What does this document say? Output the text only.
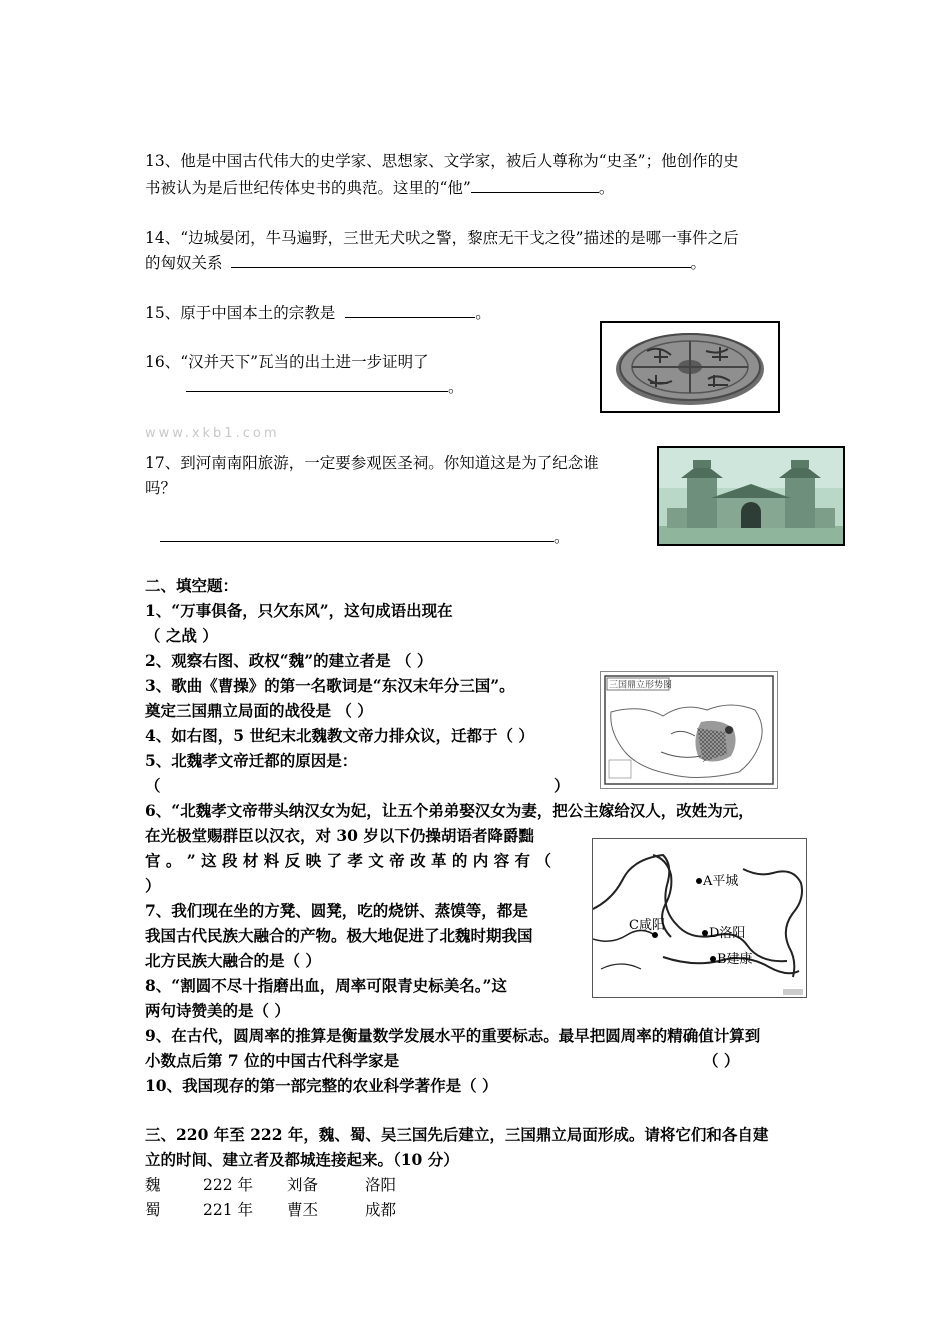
13、他是中国古代伟大的史学家、思想家、文学家，被后人尊称为“史圣”；他创作的史
书被认为是后世纪传体史书的典范。这里的“他”	。
14、“边城晏闭，牛马遍野，三世无犬吠之警，黎庶无干戈之役”描述的是哪一事件之后
的匈奴关系	。
15、原于中国本土的宗教是	。
16、“汉并天下”瓦当的出土进一步证明了
。
www.xkb1.com
17、到河南南阳旅游，一定要参观医圣祠。你知道这是为了纪念谁
吗？
。
二、填空题：
1、“万事俱备，只欠东风”，这句成语出现在
（ 之战 ）
2、观察右图、政权“魏”的建立者是 （ ）
3、歌曲《曹操》的第一名歌词是“东汉末年分三国”。
奠定三国鼎立局面的战役是 （ ）
4、如右图，5 世纪末北魏教文帝力排众议，迁都于（ ）
5、北魏孝文帝迁都的原因是：
（	）
三国鼎立形势图
6、“北魏孝文帝带头纳汉女为妃，让五个弟弟娶汉女为妻，把公主嫁给汉人，改姓为元，
在光极堂赐群臣以汉衣，对 30 岁以下仍操胡语者降爵黜
官 。 ” 这 段 材 料 反 映 了 孝 文 帝 改 革 的 内 容 有 （
）
7、我们现在坐的方凳、圆凳，吃的烧饼、蒸馍等，都是
我国古代民族大融合的产物。极大地促进了北魏时期我国
北方民族大融合的是（ ）
8、“割圆不尽十指磨出血，周率可限青史标美名。”这
两句诗赞美的是（ ）
A平城
C咸阳
D洛阳
B建康
9、在古代，圆周率的推算是衡量数学发展水平的重要标志。最早把圆周率的精确值计算到
小数点后第 7 位的中国古代科学家是	（ ）
10、我国现存的第一部完整的农业科学著作是（ ）
三、220 年至 222 年，魏、蜀、吴三国先后建立，三国鼎立局面形成。请将它们和各自建
立的时间、建立者及都城连接起来。（10 分）
魏	222 年 刘备	洛阳
蜀	221 年 曹丕	成都
